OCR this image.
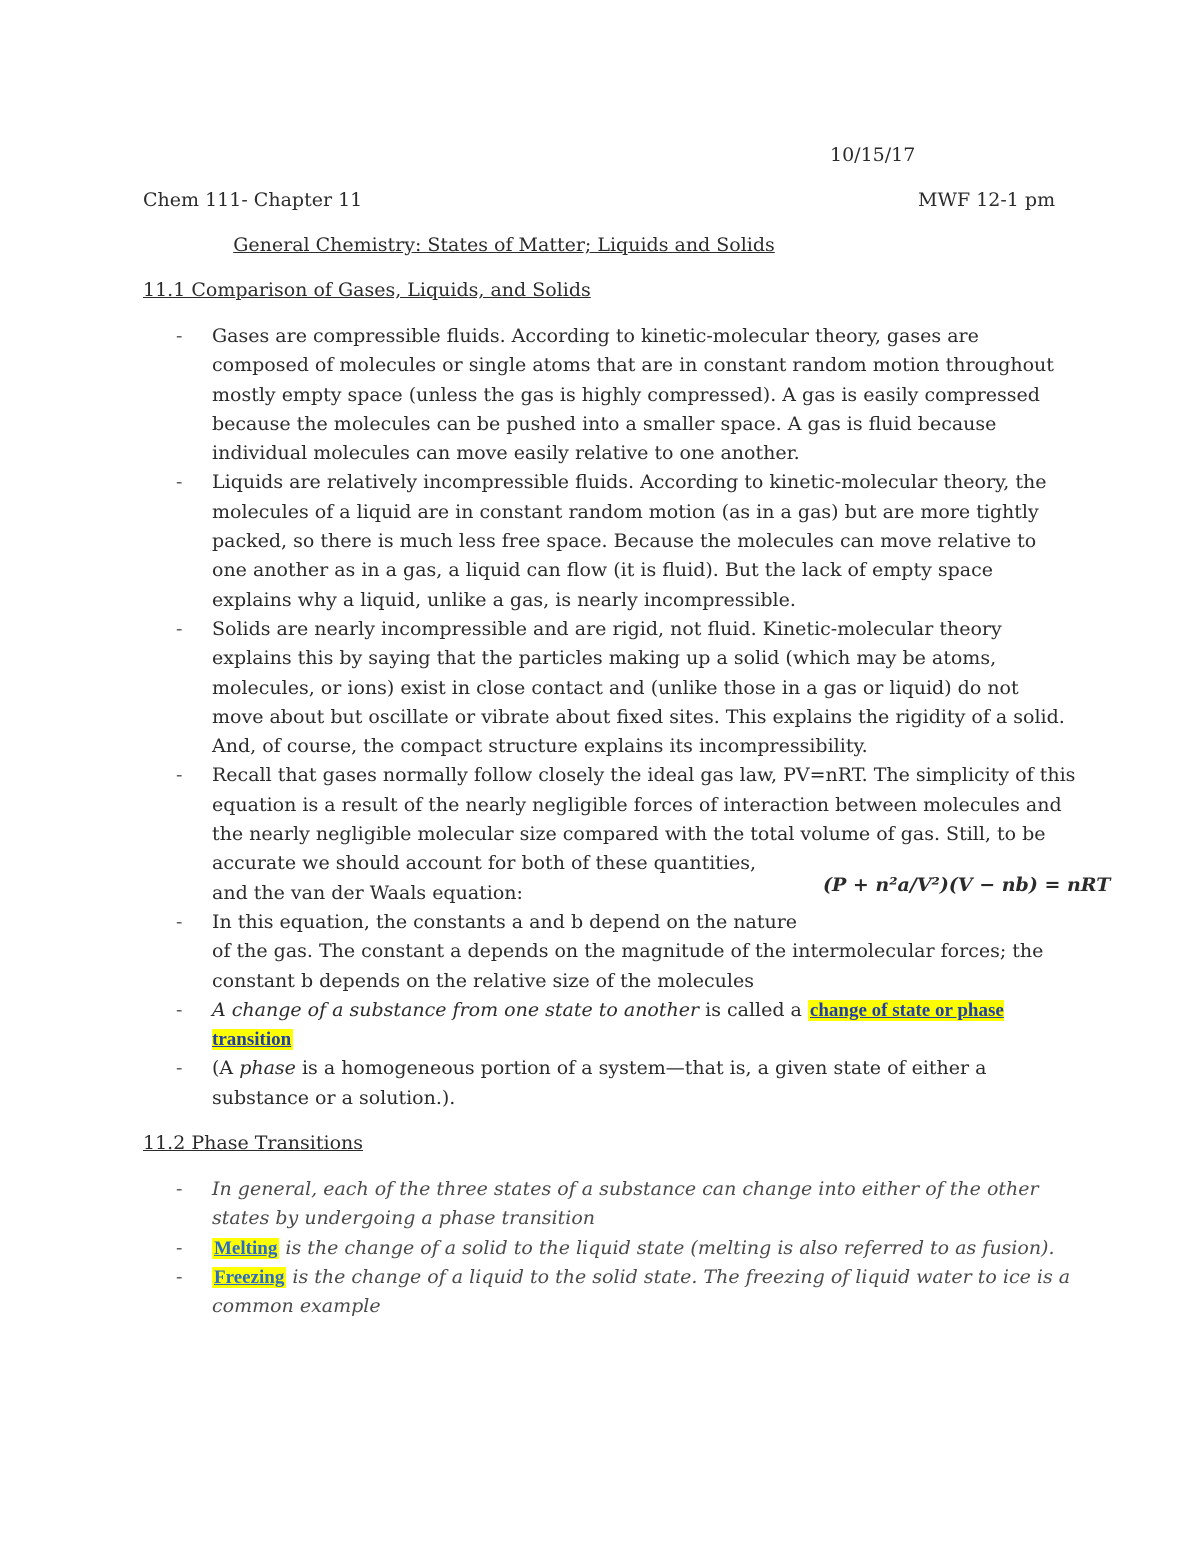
10/15/17
Chem 111- Chapter 11	MWF 12-1 pm
General Chemistry: States of Matter; Liquids and Solids
11.1 Comparison of Gases, Liquids, and Solids
- Gases are compressible fluids. According to kinetic-molecular theory, gases are composed of molecules or single atoms that are in constant random motion throughout mostly empty space (unless the gas is highly compressed). A gas is easily compressed because the molecules can be pushed into a smaller space. A gas is fluid because individual molecules can move easily relative to one another.
- Liquids are relatively incompressible fluids. According to kinetic-molecular theory, the molecules of a liquid are in constant random motion (as in a gas) but are more tightly packed, so there is much less free space. Because the molecules can move relative to one another as in a gas, a liquid can flow (it is fluid). But the lack of empty space explains why a liquid, unlike a gas, is nearly incompressible.
- Solids are nearly incompressible and are rigid, not fluid. Kinetic-molecular theory explains this by saying that the particles making up a solid (which may be atoms, molecules, or ions) exist in close contact and (unlike those in a gas or liquid) do not move about but oscillate or vibrate about fixed sites. This explains the rigidity of a solid. And, of course, the compact structure explains its incompressibility.
- Recall that gases normally follow closely the ideal gas law, PV=nRT. The simplicity of this equation is a result of the nearly negligible forces of interaction between molecules and the nearly negligible molecular size compared with the total volume of gas. Still, to be accurate we should account for both of these quantities,
and the van der Waals equation:
- In this equation, the constants a and b depend on the nature
of the gas. The constant a depends on the magnitude of the intermolecular forces; the constant b depends on the relative size of the molecules
- A change of a substance from one state to another is called a change of state or phase transition
- (A phase is a homogeneous portion of a system—that is, a given state of either a substance or a solution.).
(P + n²a/V²)(V − nb) = nRT
11.2 Phase Transitions
- In general, each of the three states of a substance can change into either of the other states by undergoing a phase transition
- Melting is the change of a solid to the liquid state (melting is also referred to as fusion).
- Freezing is the change of a liquid to the solid state. The freezing of liquid water to ice is a common example
